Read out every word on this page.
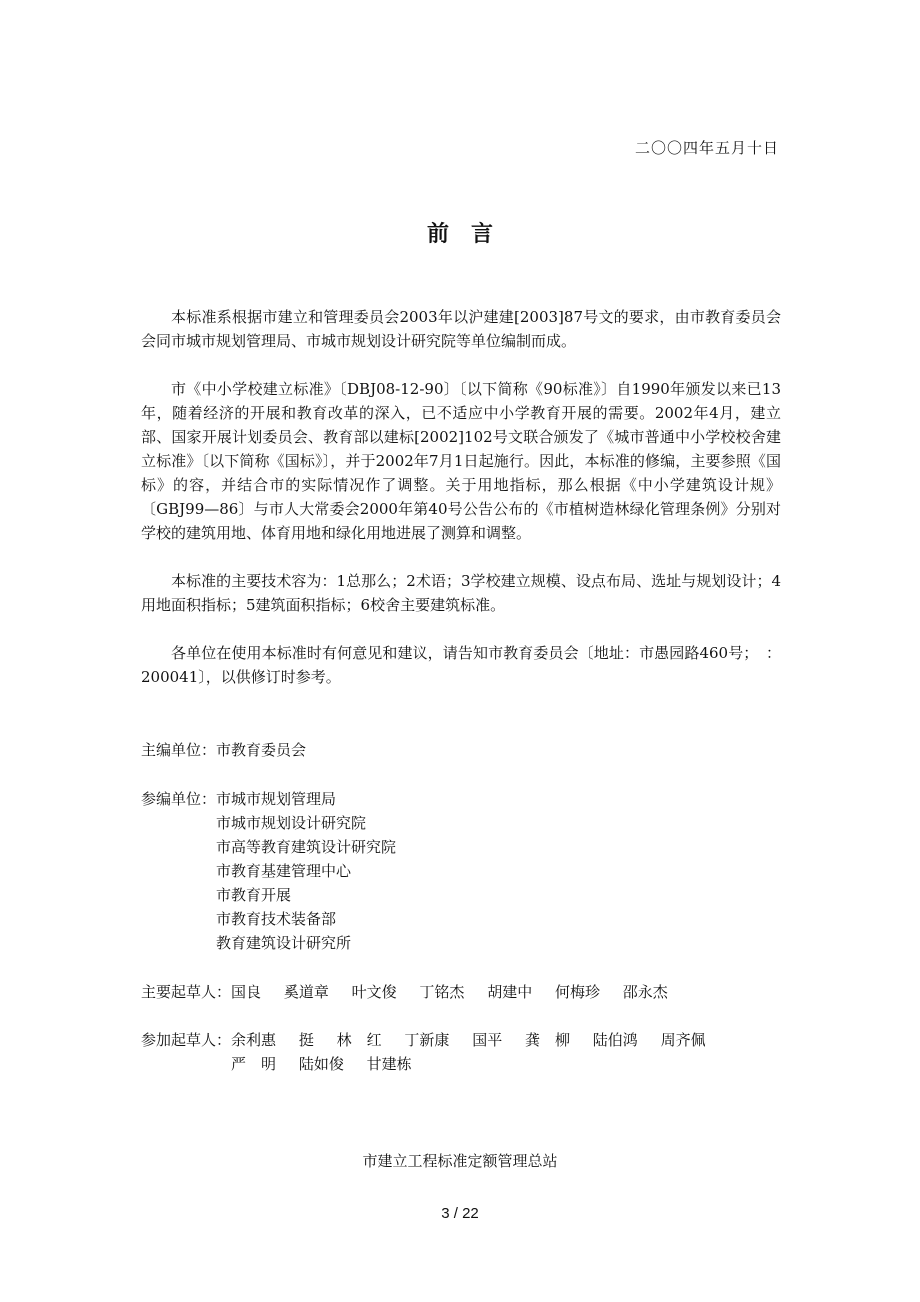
二〇〇四年五月十日
前言

本标准系根据市建立和管理委员会2003年以沪建建[2003]87号文的要求，由市教育委员会会同市城市规划管理局、市城市规划设计研究院等单位编制而成。

市《中小学校建立标准》〔DBJ08-12-90〕〔以下简称《90标准》〕自1990年颁发以来已13年，随着经济的开展和教育改革的深入，已不适应中小学教育开展的需要。2002年4月，建立部、国家开展计划委员会、教育部以建标[2002]102号文联合颁发了《城市普通中小学校校舍建立标准》〔以下简称《国标》〕，并于2002年7月1日起施行。因此，本标准的修编，主要参照《国标》的容，并结合市的实际情况作了调整。关于用地指标，那么根据《中小学建筑设计规》〔GBJ99—86〕与市人大常委会2000年第40号公告公布的《市植树造林绿化管理条例》分别对学校的建筑用地、体育用地和绿化用地进展了测算和调整。

本标准的主要技术容为：1总那么；2术语；3学校建立规模、设点布局、选址与规划设计；4用地面积指标；5建筑面积指标；6校舍主要建筑标准。

各单位在使用本标准时有何意见和建议，请告知市教育委员会〔地址：市愚园路460号；　：200041〕，以供修订时参考。

主编单位：市教育委员会
参编单位： 市城市规划管理局
市城市规划设计研究院
市高等教育建筑设计研究院
市教育基建管理中心
市教育开展
市教育技术装备部
教育建筑设计研究所
主要起草人：国良 奚道章 叶文俊 丁铭杰 胡建中 何梅珍 邵永杰
参加起草人：余利惠 挺 林　红 丁新康 国平 龚　柳 陆伯鸿 周齐佩 严　明 陆如俊 甘建栋
市建立工程标准定额管理总站
3 / 22
